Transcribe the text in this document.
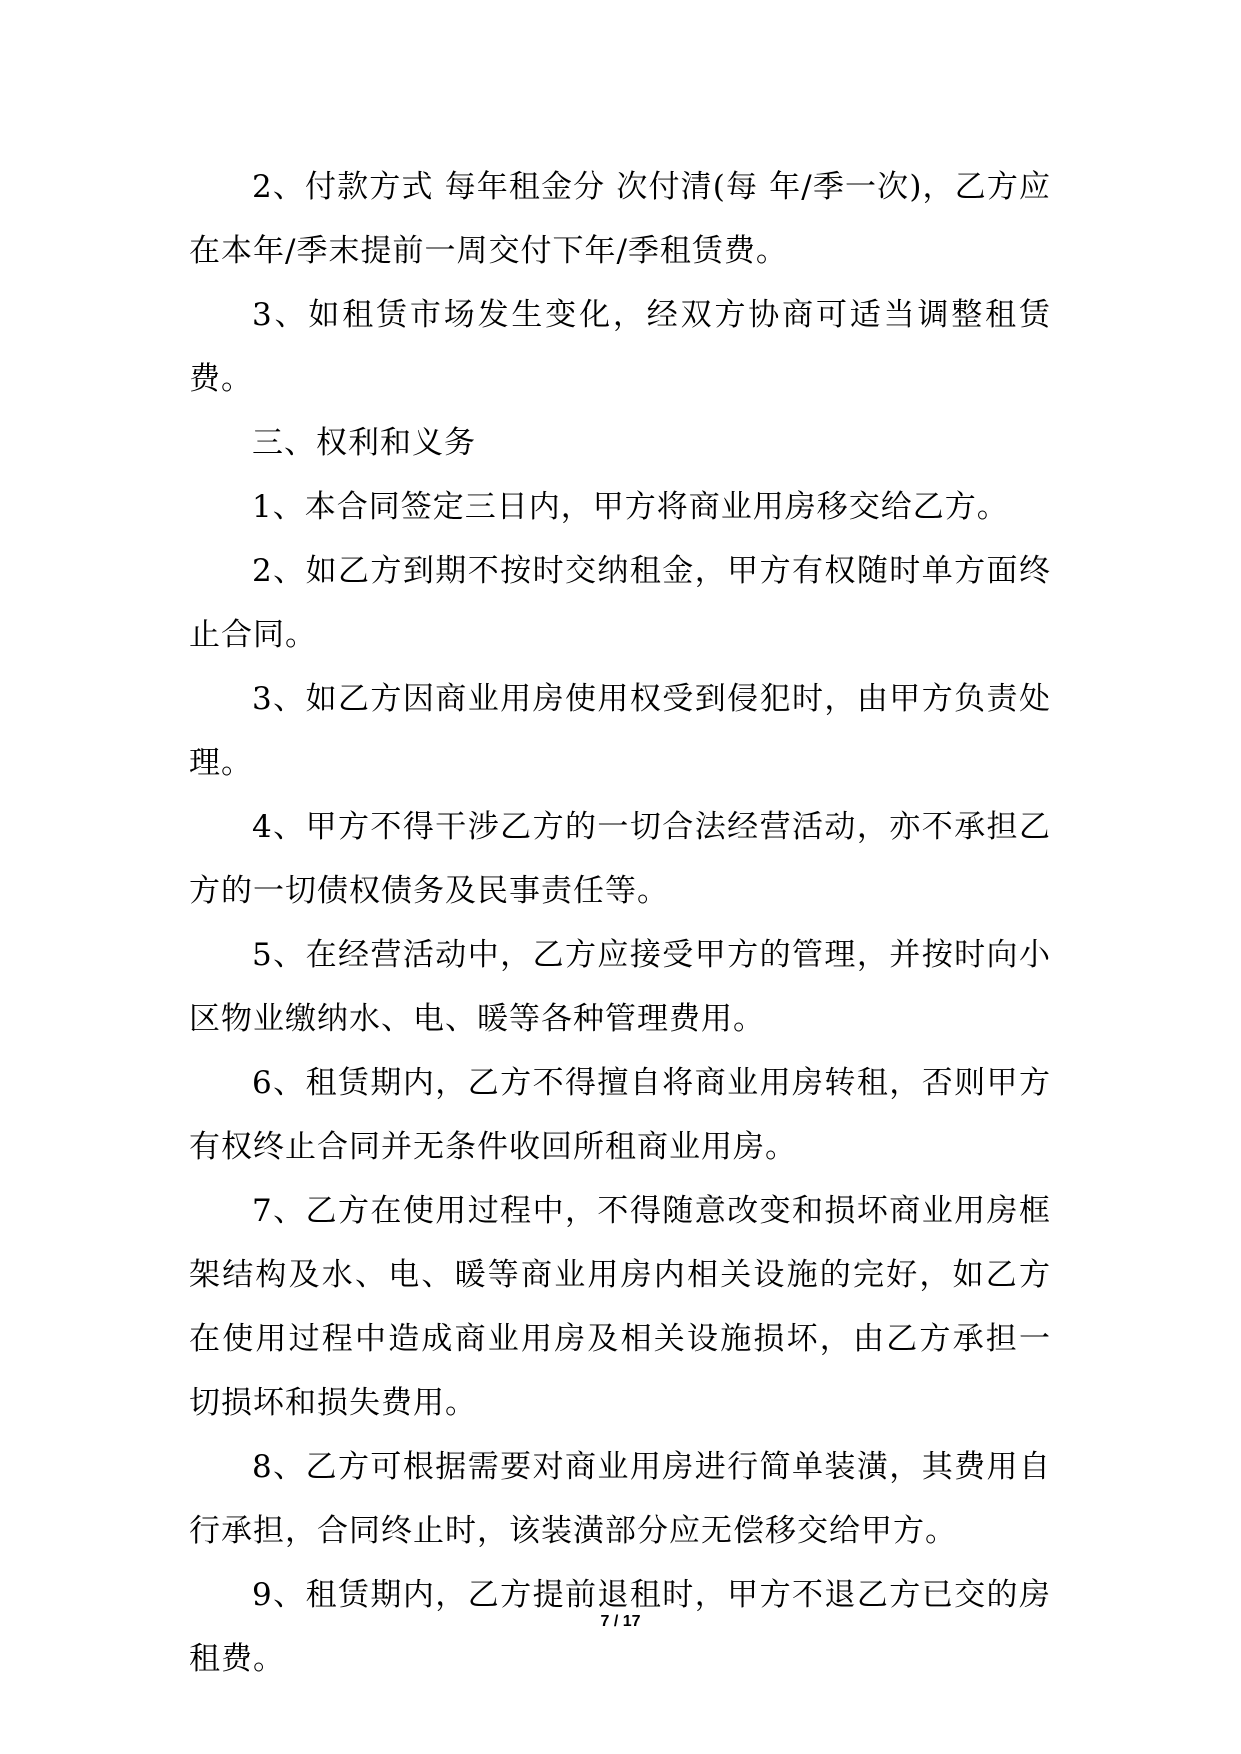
2、付款方式 每年租金分 次付清(每 年/季一次)，乙方应在本年/季末提前一周交付下年/季租赁费。

3、如租赁市场发生变化，经双方协商可适当调整租赁费。

三、权利和义务

1、本合同签定三日内，甲方将商业用房移交给乙方。

2、如乙方到期不按时交纳租金，甲方有权随时单方面终止合同。

3、如乙方因商业用房使用权受到侵犯时，由甲方负责处理。

4、甲方不得干涉乙方的一切合法经营活动，亦不承担乙方的一切债权债务及民事责任等。

5、在经营活动中，乙方应接受甲方的管理，并按时向小区物业缴纳水、电、暖等各种管理费用。

6、租赁期内，乙方不得擅自将商业用房转租，否则甲方有权终止合同并无条件收回所租商业用房。

7、乙方在使用过程中，不得随意改变和损坏商业用房框架结构及水、电、暖等商业用房内相关设施的完好，如乙方在使用过程中造成商业用房及相关设施损坏，由乙方承担一切损坏和损失费用。

8、乙方可根据需要对商业用房进行简单装潢，其费用自行承担，合同终止时，该装潢部分应无偿移交给甲方。

9、租赁期内，乙方提前退租时，甲方不退乙方已交的房租费。

7 / 17
